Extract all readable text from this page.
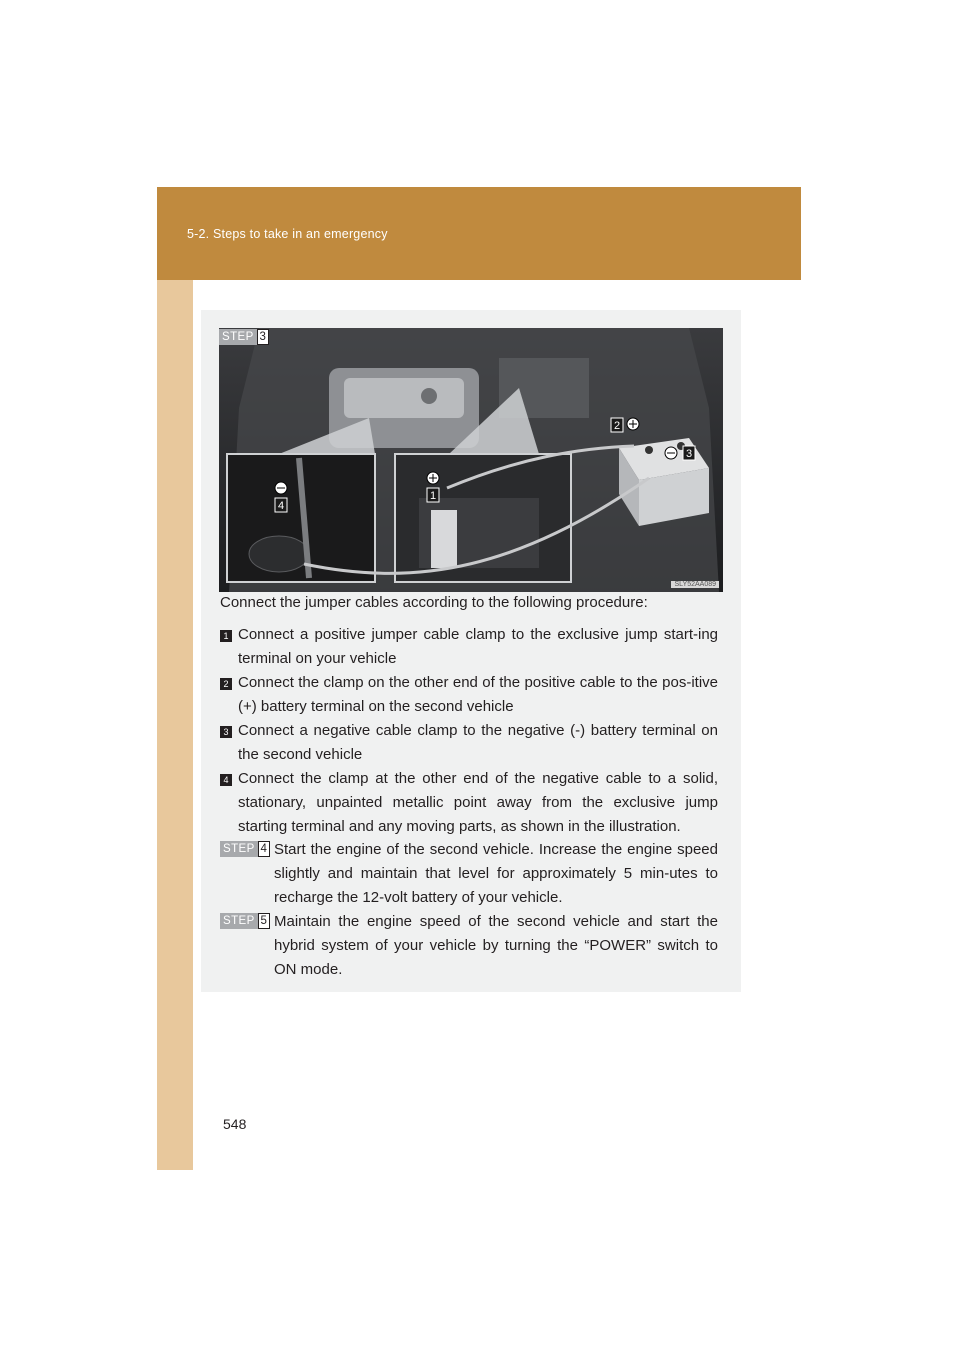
5-2. Steps to take in an emergency
1
2
3
4
SLY52AA089
STEP 3
Connect the jumper cables according to the following procedure:
1 Connect a positive jumper cable clamp to the exclusive jump start-ing terminal on your vehicle
2 Connect the clamp on the other end of the positive cable to the pos-itive (+) battery terminal on the second vehicle
3 Connect a negative cable clamp to the negative (-) battery terminal on the second vehicle
4 Connect the clamp at the other end of the negative cable to a solid, stationary, unpainted metallic point away from the exclusive jump starting terminal and any moving parts, as shown in the illustration.
STEP 4 Start the engine of the second vehicle. Increase the engine speed slightly and maintain that level for approximately 5 min-utes to recharge the 12-volt battery of your vehicle.
STEP 5 Maintain the engine speed of the second vehicle and start the hybrid system of your vehicle by turning the “POWER” switch to ON mode.
548
